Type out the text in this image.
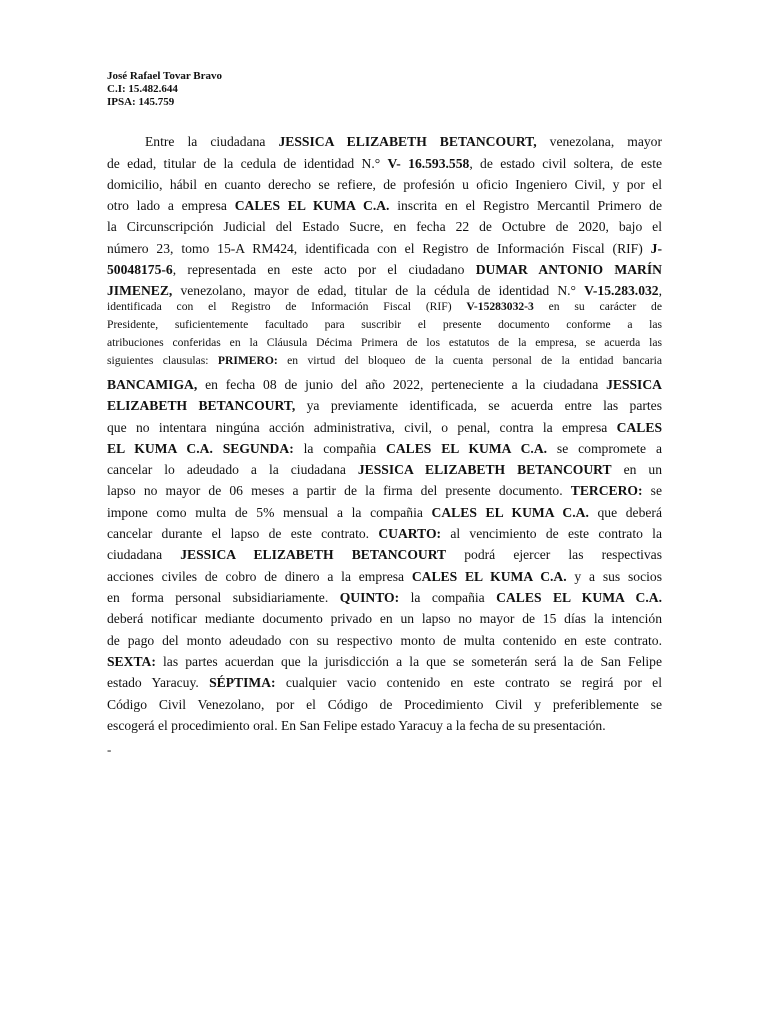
José Rafael Tovar Bravo
C.I: 15.482.644
IPSA: 145.759
Entre la ciudadana JESSICA ELIZABETH BETANCOURT, venezolana, mayor
de edad, titular de la cedula de identidad N.° V- 16.593.558, de estado civil soltera, de este
domicilio, hábil en cuanto derecho se refiere, de profesión u oficio Ingeniero Civil, y por el
otro lado a empresa CALES EL KUMA C.A. inscrita en el Registro Mercantil Primero de
la Circunscripción Judicial del Estado Sucre, en fecha 22 de Octubre de 2020, bajo el
número 23, tomo 15-A RM424, identificada con el Registro de Información Fiscal (RIF) J-
50048175-6, representada en este acto por el ciudadano DUMAR ANTONIO MARÍN
JIMENEZ, venezolano, mayor de edad, titular de la cédula de identidad N.° V-15.283.032,
identificada con el Registro de Información Fiscal (RIF) V-15283032-3 en su carácter de
Presidente, suficientemente facultado para suscribir el presente documento conforme a las
atribuciones conferidas en la Cláusula Décima Primera de los estatutos de la empresa, se acuerda las
siguientes clausulas: PRIMERO: en virtud del bloqueo de la cuenta personal de la entidad bancaria
BANCAMIGA, en fecha 08 de junio del año 2022, perteneciente a la ciudadana JESSICA
ELIZABETH BETANCOURT, ya previamente identificada, se acuerda entre las partes
que no intentara ningúna acción administrativa, civil, o penal, contra la empresa CALES
EL KUMA C.A. SEGUNDA: la compañia CALES EL KUMA C.A. se compromete a
cancelar lo adeudado a la ciudadana JESSICA ELIZABETH BETANCOURT en un
lapso no mayor de 06 meses a partir de la firma del presente documento. TERCERO: se
impone como multa de 5% mensual a la compañia CALES EL KUMA C.A. que deberá
cancelar durante el lapso de este contrato. CUARTO: al vencimiento de este contrato la
ciudadana JESSICA ELIZABETH BETANCOURT podrá ejercer las respectivas
acciones civiles de cobro de dinero a la empresa CALES EL KUMA C.A. y a sus socios
en forma personal subsidiariamente. QUINTO: la compañia CALES EL KUMA C.A.
deberá notificar mediante documento privado en un lapso no mayor de 15 días la intención
de pago del monto adeudado con su respectivo monto de multa contenido en este contrato.
SEXTA: las partes acuerdan que la jurisdicción a la que se someterán será la de San Felipe
estado Yaracuy. SÉPTIMA: cualquier vacio contenido en este contrato se regirá por el
Código Civil Venezolano, por el Código de Procedimiento Civil y preferiblemente se
escogerá el procedimiento oral. En San Felipe estado Yaracuy a la fecha de su presentación.
-
